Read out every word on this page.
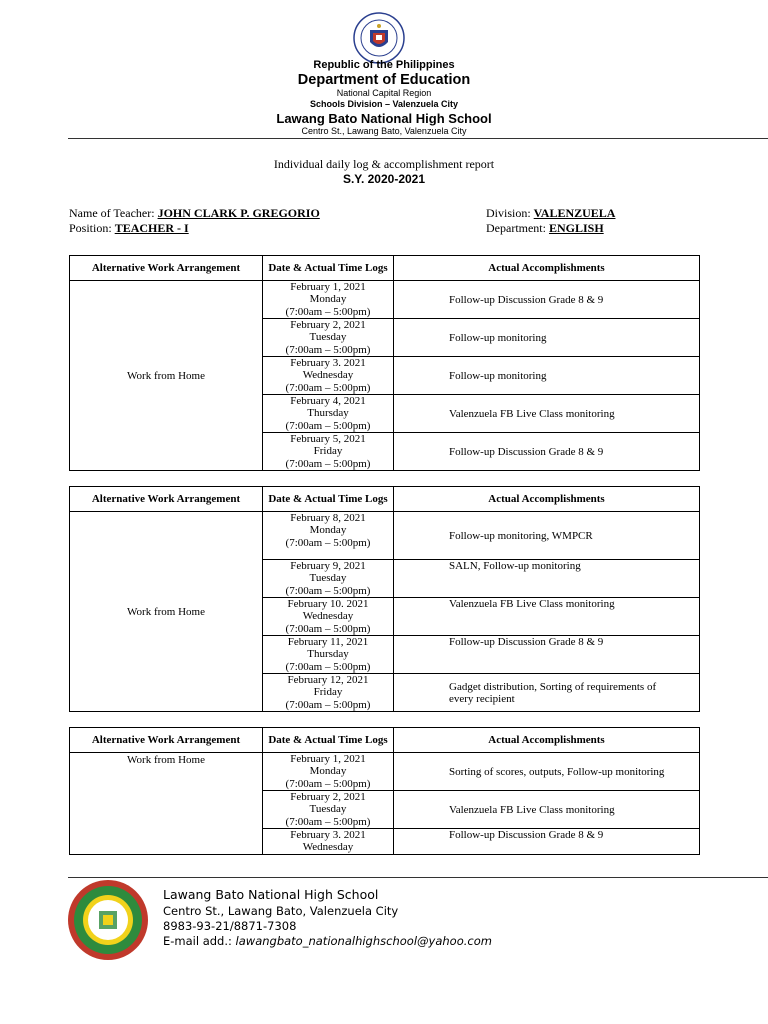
Republic of the Philippines
Department of Education
National Capital Region
Schools Division – Valenzuela City
Lawang Bato National High School
Centro St., Lawang Bato, Valenzuela City
Individual daily log & accomplishment report
S.Y. 2020-2021
Name of Teacher: JOHN CLARK P. GREGORIO
Position: TEACHER - I
Division: VALENZUELA
Department: ENGLISH
Alternative Work Arrangement	Date & Actual Time Logs	Actual Accomplishments
Work from Home	February 1, 2021
Monday
(7:00am – 5:00pm)	Follow-up Discussion Grade 8 & 9

	February 2, 2021
Tuesday
(7:00am – 5:00pm)	Follow-up monitoring

	February 3. 2021
Wednesday
(7:00am – 5:00pm)	Follow-up monitoring

	February 4, 2021
Thursday
(7:00am – 5:00pm)	Valenzuela FB Live Class monitoring

	February 5, 2021
Friday
(7:00am – 5:00pm)	Follow-up Discussion Grade 8 & 9
Alternative Work Arrangement	Date & Actual Time Logs	Actual Accomplishments
Work from Home	February 8, 2021
Monday
(7:00am – 5:00pm)	Follow-up monitoring, WMPCR

	February 9, 2021
Tuesday
(7:00am – 5:00pm)	SALN, Follow-up monitoring

	February 10. 2021
Wednesday
(7:00am – 5:00pm)	Valenzuela FB Live Class monitoring

	February 11, 2021
Thursday
(7:00am – 5:00pm)	Follow-up Discussion Grade 8 & 9

	February 12, 2021
Friday
(7:00am – 5:00pm)	Gadget distribution, Sorting of requirements of every recipient
Alternative Work Arrangement	Date & Actual Time Logs	Actual Accomplishments
Work from Home	February 1, 2021
Monday
(7:00am – 5:00pm)	Sorting of scores, outputs, Follow-up monitoring

	February 2, 2021
Tuesday
(7:00am – 5:00pm)	Valenzuela FB Live Class monitoring

	February 3. 2021
Wednesday	Follow-up Discussion Grade 8 & 9
Lawang Bato National High School
Centro St., Lawang Bato, Valenzuela City
8983-93-21/8871-7308
E-mail add.: lawangbato_nationalhighschool@yahoo.com
